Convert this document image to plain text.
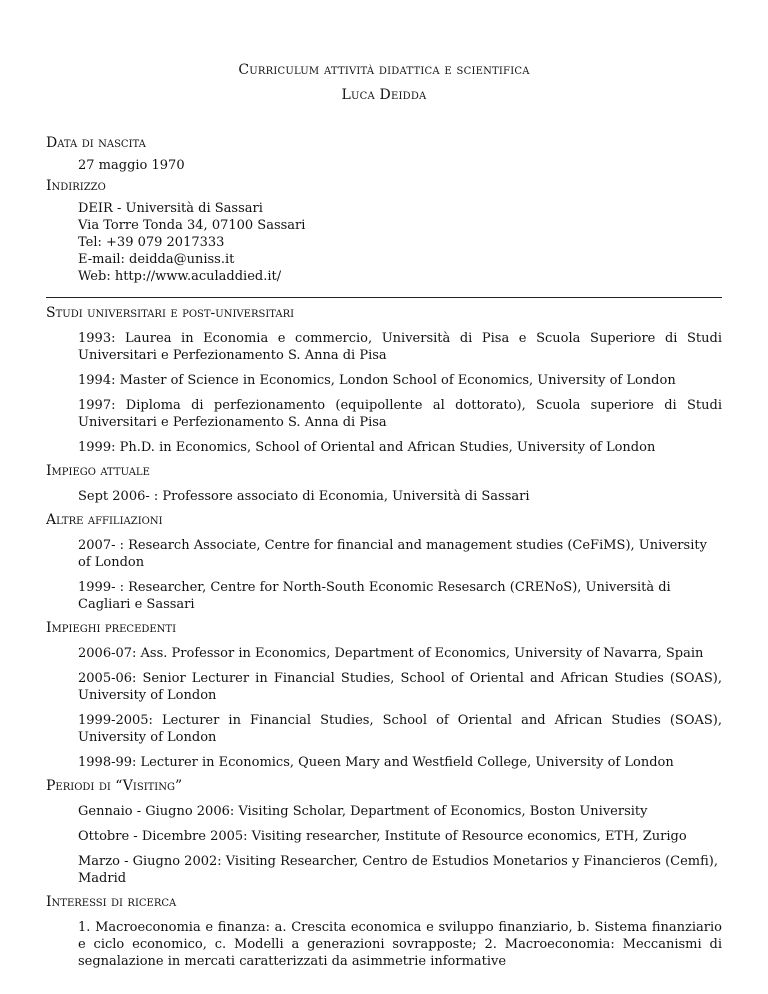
Curriculum attività didattica e scientifica
Luca Deidda
Data di nascita
27 maggio 1970
Indirizzo
DEIR - Università di Sassari
Via Torre Tonda 34, 07100 Sassari
Tel: +39 079 2017333
E-mail: deidda@uniss.it
Web: http://www.aculaddied.it/
Studi universitari e post-universitari
1993: Laurea in Economia e commercio, Università di Pisa e Scuola Superiore di Studi Universitari e Perfezionamento S. Anna di Pisa
1994: Master of Science in Economics, London School of Economics, University of London
1997: Diploma di perfezionamento (equipollente al dottorato), Scuola superiore di Studi Universitari e Perfezionamento S. Anna di Pisa
1999: Ph.D. in Economics, School of Oriental and African Studies, University of London
Impiego attuale
Sept 2006- : Professore associato di Economia, Università di Sassari
Altre affiliazioni
2007- : Research Associate, Centre for financial and management studies (CeFiMS), University of London
1999- : Researcher, Centre for North-South Economic Resesarch (CRENoS), Università di Cagliari e Sassari
Impieghi precedenti
2006-07: Ass. Professor in Economics, Department of Economics, University of Navarra, Spain
2005-06: Senior Lecturer in Financial Studies, School of Oriental and African Studies (SOAS), University of London
1999-2005: Lecturer in Financial Studies, School of Oriental and African Studies (SOAS), University of London
1998-99: Lecturer in Economics, Queen Mary and Westfield College, University of London
Periodi di “Visiting”
Gennaio - Giugno 2006: Visiting Scholar, Department of Economics, Boston University
Ottobre - Dicembre 2005: Visiting researcher, Institute of Resource economics, ETH, Zurigo
Marzo - Giugno 2002: Visiting Researcher, Centro de Estudios Monetarios y Financieros (Cemfi), Madrid
Interessi di ricerca
1. Macroeconomia e finanza: a. Crescita economica e sviluppo finanziario, b. Sistema finanziario e ciclo economico, c. Modelli a generazioni sovrapposte; 2. Macroeconomia: Meccanismi di segnalazione in mercati caratterizzati da asimmetrie informative
